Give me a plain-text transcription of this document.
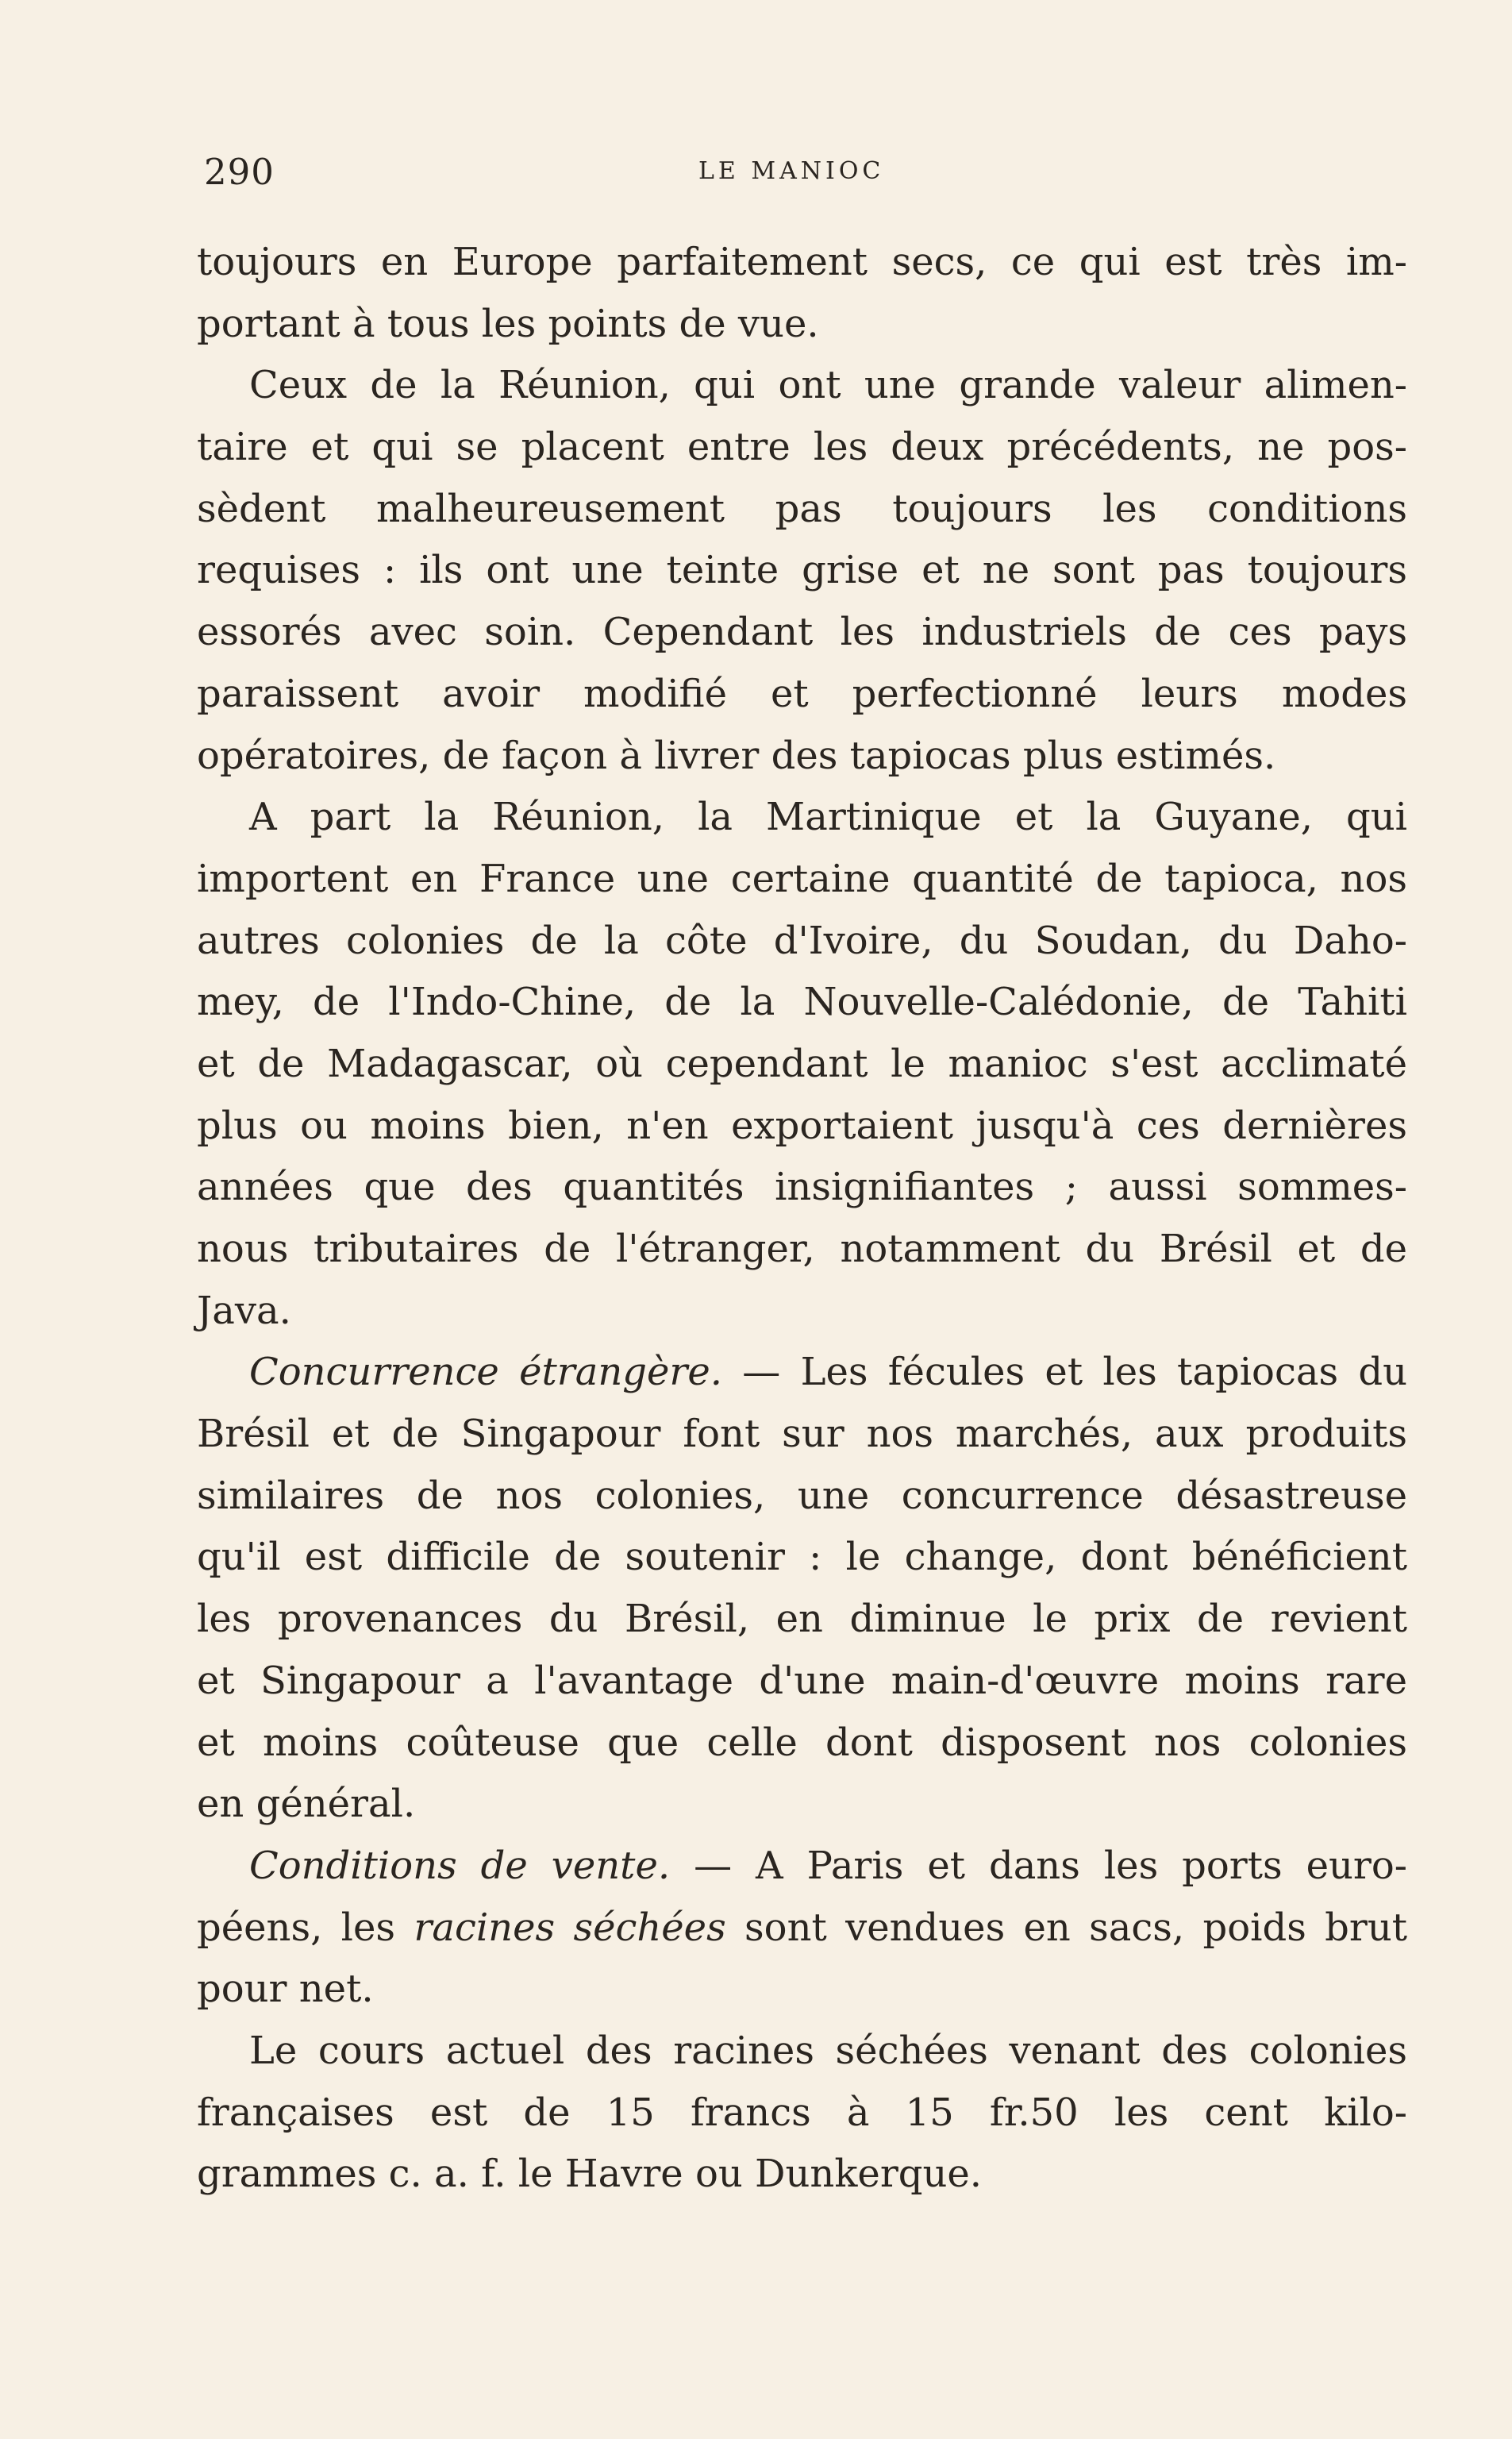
290	LE MANIOC
toujours en Europe parfaitement secs, ce qui est très im-
portant à tous les points de vue.
Ceux de la Réunion, qui ont une grande valeur alimen-
taire et qui se placent entre les deux précédents, ne pos-
sèdent malheureusement pas toujours les conditions
requises : ils ont une teinte grise et ne sont pas toujours
essorés avec soin. Cependant les industriels de ces pays
paraissent avoir modifié et perfectionné leurs modes
opératoires, de façon à livrer des tapiocas plus estimés.
A part la Réunion, la Martinique et la Guyane, qui
importent en France une certaine quantité de tapioca, nos
autres colonies de la côte d'Ivoire, du Soudan, du Daho-
mey, de l'Indo-Chine, de la Nouvelle-Calédonie, de Tahiti
et de Madagascar, où cependant le manioc s'est acclimaté
plus ou moins bien, n'en exportaient jusqu'à ces dernières
années que des quantités insignifiantes ; aussi sommes-
nous tributaires de l'étranger, notamment du Brésil et de
Java.
Concurrence étrangère. — Les fécules et les tapiocas du
Brésil et de Singapour font sur nos marchés, aux produits
similaires de nos colonies, une concurrence désastreuse
qu'il est difficile de soutenir : le change, dont bénéficient
les provenances du Brésil, en diminue le prix de revient
et Singapour a l'avantage d'une main-d'œuvre moins rare
et moins coûteuse que celle dont disposent nos colonies
en général.
Conditions de vente. — A Paris et dans les ports euro-
péens, les racines séchées sont vendues en sacs, poids brut
pour net.
Le cours actuel des racines séchées venant des colonies
françaises est de 15 francs à 15 fr.50 les cent kilo-
grammes c. a. f. le Havre ou Dunkerque.
